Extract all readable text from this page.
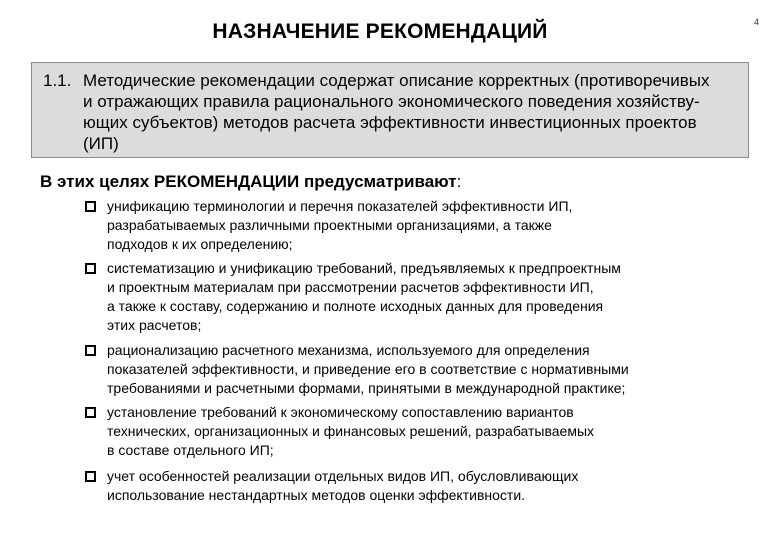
НАЗНАЧЕНИЕ РЕКОМЕНДАЦИЙ	4
1.1. Методические рекомендации содержат описание корректных (противоречивых
и отражающих правила рационального экономического поведения хозяйству-
ющих субъектов) методов расчета эффективности инвестиционных проектов
(ИП)
В этих целях РЕКОМЕНДАЦИИ предусматривают:
унификацию терминологии и перечня показателей эффективности ИП,
разрабатываемых различными проектными организациями, а также
подходов к их определению;
систематизацию и унификацию требований, предъявляемых к предпроектным
и проектным материалам при рассмотрении расчетов эффективности ИП,
а также к составу, содержанию и полноте исходных данных для проведения
этих расчетов;
рационализацию расчетного механизма, используемого для определения
показателей эффективности, и приведение его в соответствие с нормативными
требованиями и расчетными формами, принятыми в международной практике;
установление требований к экономическому сопоставлению вариантов
технических, организационных и финансовых решений, разрабатываемых
в составе отдельного ИП;
учет особенностей реализации отдельных видов ИП, обусловливающих
использование нестандартных методов оценки эффективности.
